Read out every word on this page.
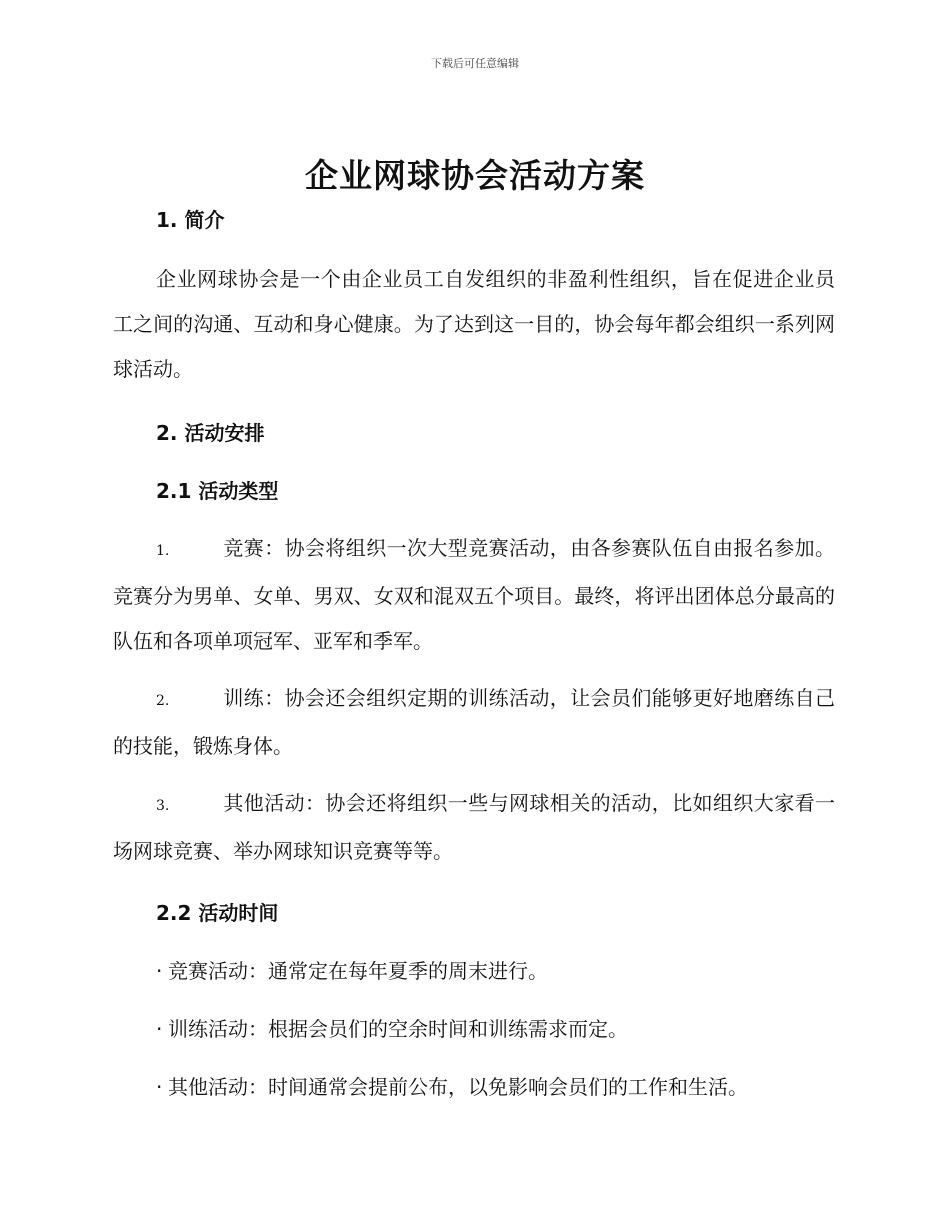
下载后可任意编辑
企业网球协会活动方案
1. 简介

企业网球协会是一个由企业员工自发组织的非盈利性组织，旨在促进企业员工之间的沟通、互动和身心健康。为了达到这一目的，协会每年都会组织一系列网球活动。

2. 活动安排
2.1 活动类型

1.	竞赛：协会将组织一次大型竞赛活动，由各参赛队伍自由报名参加。竞赛分为男单、女单、男双、女双和混双五个项目。最终，将评出团体总分最高的队伍和各项单项冠军、亚军和季军。

2.	训练：协会还会组织定期的训练活动，让会员们能够更好地磨练自己的技能，锻炼身体。

3.	其他活动：协会还将组织一些与网球相关的活动，比如组织大家看一场网球竞赛、举办网球知识竞赛等等。

2.2 活动时间
· 竞赛活动：通常定在每年夏季的周末进行。
· 训练活动：根据会员们的空余时间和训练需求而定。
· 其他活动：时间通常会提前公布，以免影响会员们的工作和生活。
